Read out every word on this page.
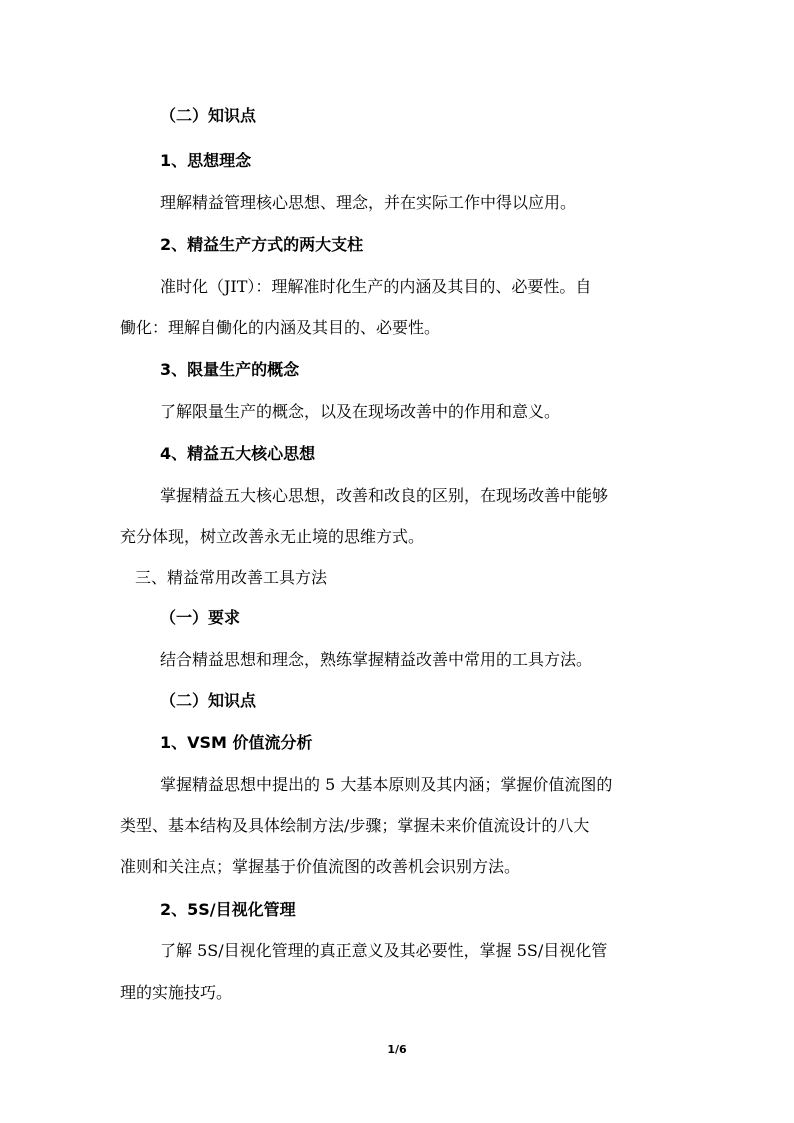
（二）知识点
1、思想理念
理解精益管理核心思想、理念，并在实际工作中得以应用。
2、精益生产方式的两大支柱
准时化（JIT）：理解准时化生产的内涵及其目的、必要性。自
働化：理解自働化的内涵及其目的、必要性。
3、限量生产的概念
了解限量生产的概念，以及在现场改善中的作用和意义。
4、精益五大核心思想
掌握精益五大核心思想，改善和改良的区别，在现场改善中能够
充分体现，树立改善永无止境的思维方式。
三、精益常用改善工具方法
（一）要求
结合精益思想和理念，熟练掌握精益改善中常用的工具方法。
（二）知识点
1、VSM 价值流分析
掌握精益思想中提出的 5 大基本原则及其内涵；掌握价值流图的
类型、基本结构及具体绘制方法/步骤；掌握未来价值流设计的八大
准则和关注点；掌握基于价值流图的改善机会识别方法。
2、5S/目视化管理
了解 5S/目视化管理的真正意义及其必要性，掌握 5S/目视化管
理的实施技巧。
1/6
